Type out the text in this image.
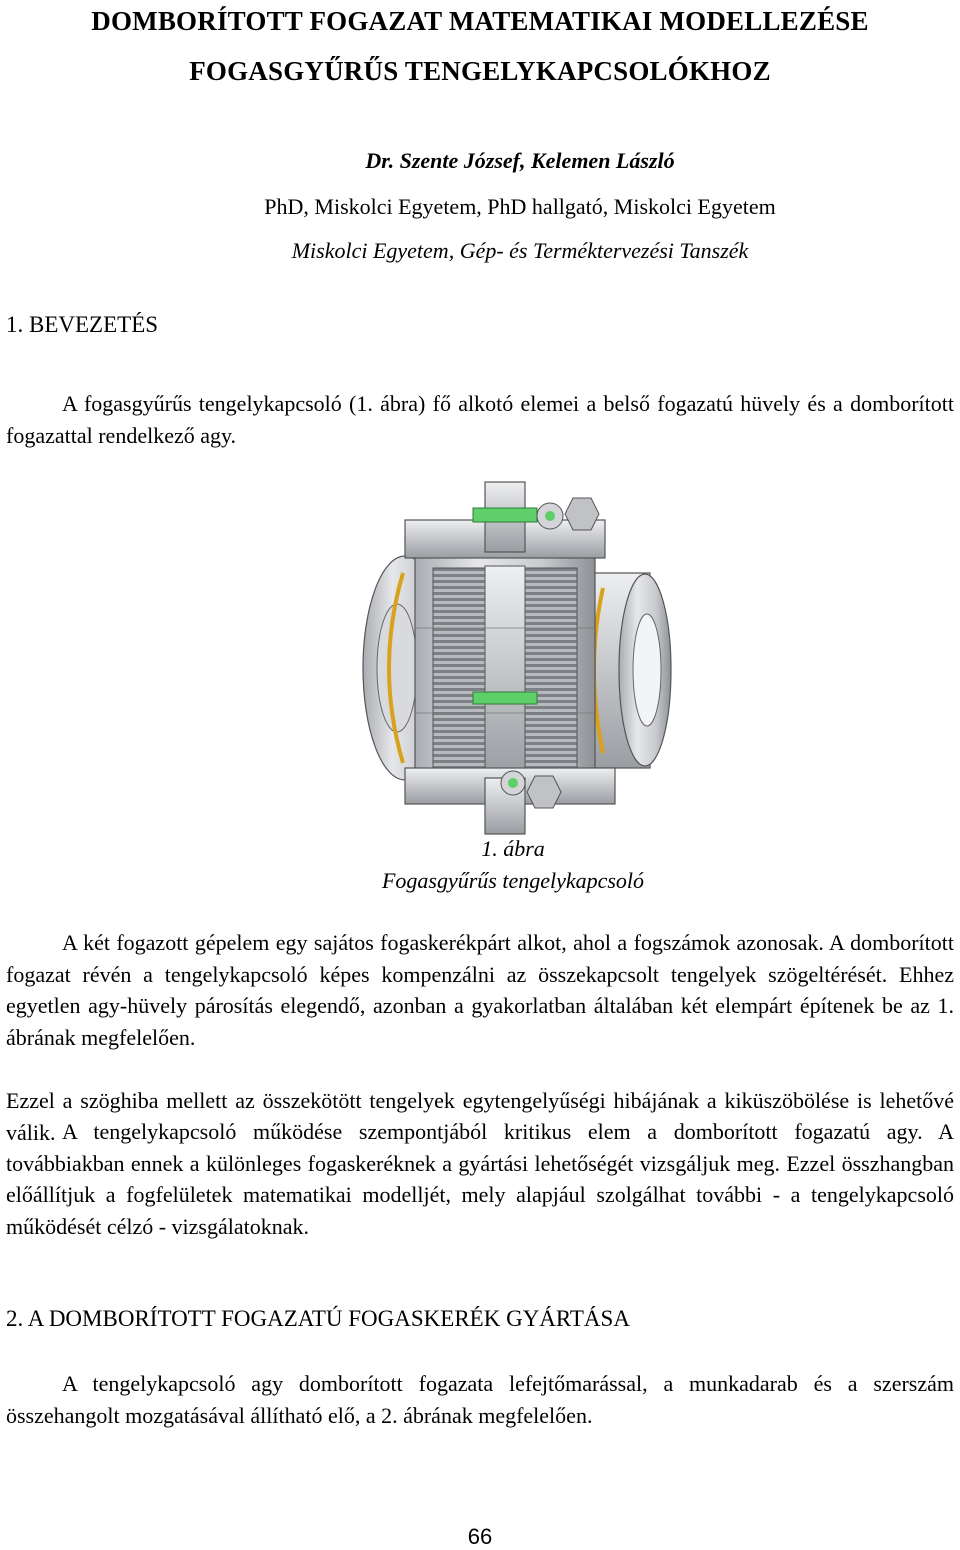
DOMBORÍTOTT FOGAZAT MATEMATIKAI MODELLEZÉSE
FOGASGYŰRŰS TENGELYKAPCSOLÓKHOZ
Dr. Szente József, Kelemen László
PhD, Miskolci Egyetem, PhD hallgató, Miskolci Egyetem
Miskolci Egyetem, Gép- és Terméktervezési Tanszék
1. BEVEZETÉS

A fogasgyűrűs tengelykapcsoló (1. ábra) fő alkotó elemei a belső fogazatú hüvely és a domborított fogazattal rendelkező agy.

1. ábra
Fogasgyűrűs tengelykapcsoló

A két fogazott gépelem egy sajátos fogaskerékpárt alkot, ahol a fogszámok azonosak. A domborított fogazat révén a tengelykapcsoló képes kompenzálni az összekapcsolt tengelyek szögeltérését. Ehhez egyetlen agy-hüvely párosítás elegendő, azonban a gyakorlatban általában két elempárt építenek be az 1. ábrának megfelelően.

Ezzel a szöghiba mellett az összekötött tengelyek egytengelyűségi hibájának a kiküszöbölése is lehetővé válik. A tengelykapcsoló működése szempontjából kritikus elem a domborított fogazatú agy. A továbbiakban ennek a különleges fogaskeréknek a gyártási lehetőségét vizsgáljuk meg. Ezzel összhangban előállítjuk a fogfelületek matematikai modelljét, mely alapjául szolgálhat további - a tengelykapcsoló működését célzó - vizsgálatoknak.

2. A DOMBORÍTOTT FOGAZATÚ FOGASKERÉK GYÁRTÁSA

A tengelykapcsoló agy domborított fogazata lefejtőmarással, a munkadarab és a szerszám összehangolt mozgatásával állítható elő, a 2. ábrának megfelelően.

66
